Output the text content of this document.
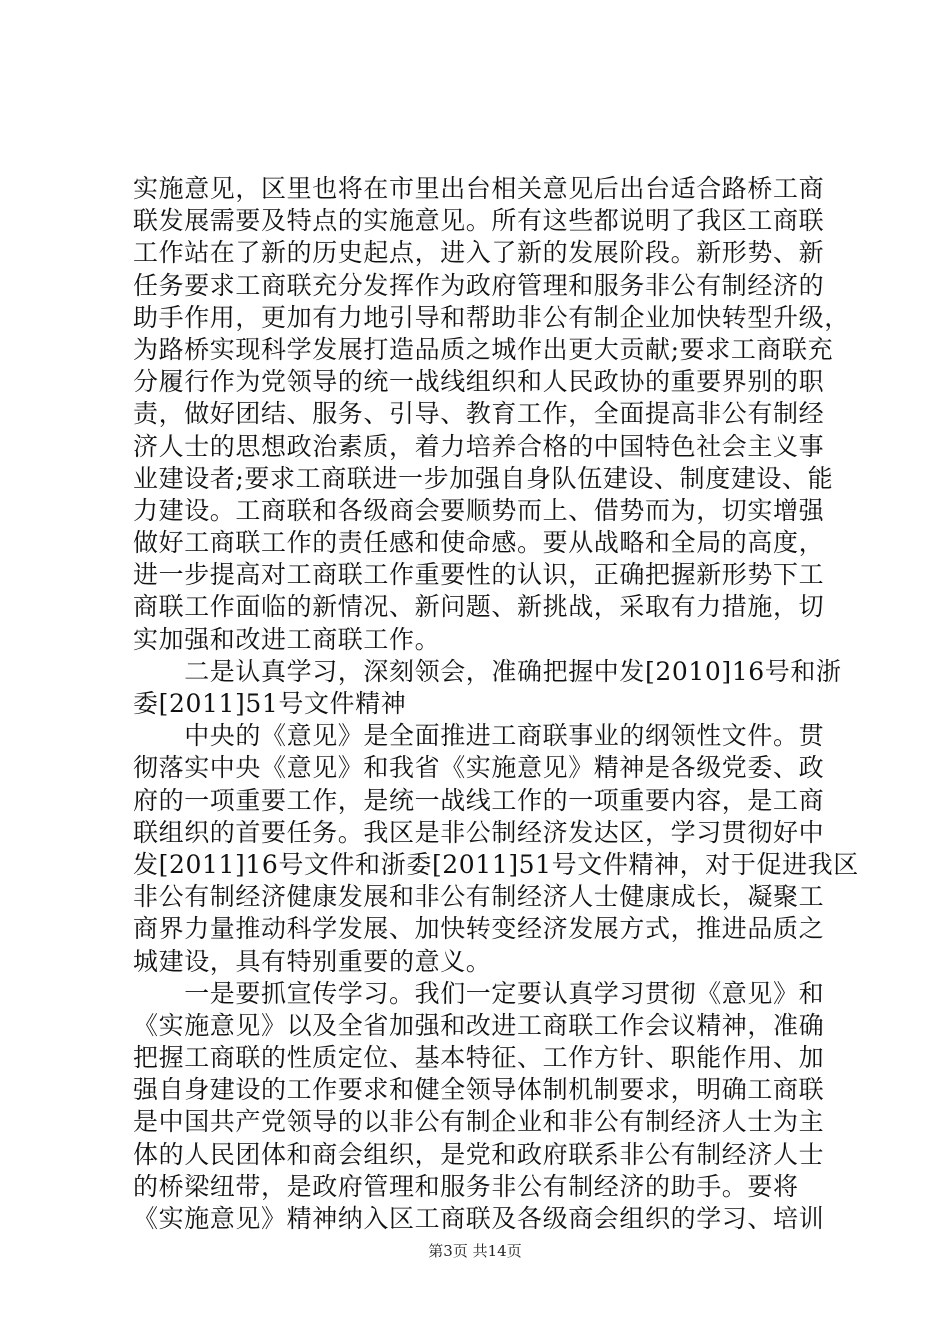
实施意见，区里也将在市里出台相关意见后出台适合路桥工商
联发展需要及特点的实施意见。所有这些都说明了我区工商联
工作站在了新的历史起点，进入了新的发展阶段。新形势、新
任务要求工商联充分发挥作为政府管理和服务非公有制经济的
助手作用，更加有力地引导和帮助非公有制企业加快转型升级，
为路桥实现科学发展打造品质之城作出更大贡献;要求工商联充
分履行作为党领导的统一战线组织和人民政协的重要界别的职
责，做好团结、服务、引导、教育工作，全面提高非公有制经
济人士的思想政治素质，着力培养合格的中国特色社会主义事
业建设者;要求工商联进一步加强自身队伍建设、制度建设、能
力建设。工商联和各级商会要顺势而上、借势而为，切实增强
做好工商联工作的责任感和使命感。要从战略和全局的高度，
进一步提高对工商联工作重要性的认识，正确把握新形势下工
商联工作面临的新情况、新问题、新挑战，采取有力措施，切
实加强和改进工商联工作。
　　二是认真学习，深刻领会，准确把握中发[2010]16号和浙
委[2011]51号文件精神
　　中央的《意见》是全面推进工商联事业的纲领性文件。贯
彻落实中央《意见》和我省《实施意见》精神是各级党委、政
府的一项重要工作，是统一战线工作的一项重要内容，是工商
联组织的首要任务。我区是非公制经济发达区，学习贯彻好中
发[2011]16号文件和浙委[2011]51号文件精神，对于促进我区
非公有制经济健康发展和非公有制经济人士健康成长，凝聚工
商界力量推动科学发展、加快转变经济发展方式，推进品质之
城建设，具有特别重要的意义。
　　一是要抓宣传学习。我们一定要认真学习贯彻《意见》和
《实施意见》以及全省加强和改进工商联工作会议精神，准确
把握工商联的性质定位、基本特征、工作方针、职能作用、加
强自身建设的工作要求和健全领导体制机制要求，明确工商联
是中国共产党领导的以非公有制企业和非公有制经济人士为主
体的人民团体和商会组织，是党和政府联系非公有制经济人士
的桥梁纽带，是政府管理和服务非公有制经济的助手。要将
《实施意见》精神纳入区工商联及各级商会组织的学习、培训
第3页 共14页
